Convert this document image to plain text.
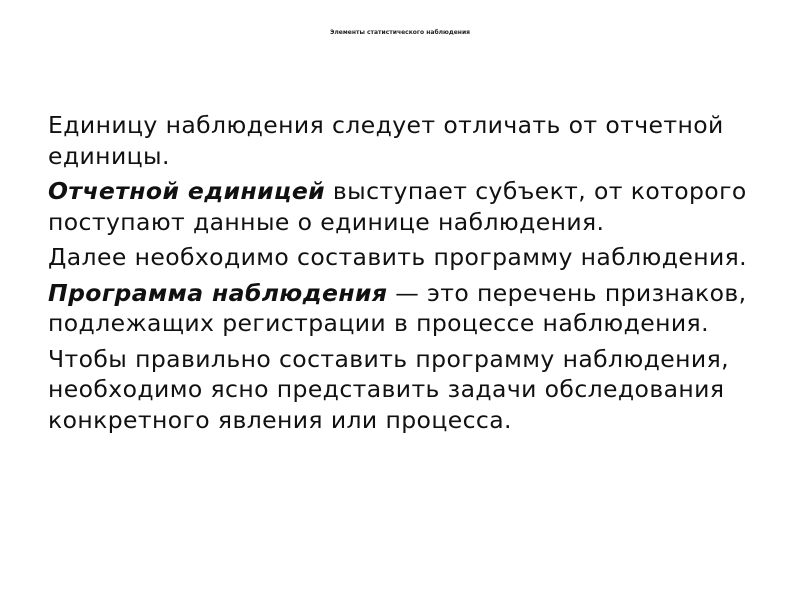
Элементы статистического наблюдения

Единицу наблюдения следует отличать от отчетной единицы.

Отчетной единицей выступает субъект, от которого поступают данные о единице наблюдения.

Далее необходимо составить программу наблюдения.

Программа наблюдения — это перечень признаков, подлежащих регистрации в процессе наблюдения.

Чтобы правильно составить программу наблюдения, необходимо ясно представить задачи обследования конкретного явления или процесса.
